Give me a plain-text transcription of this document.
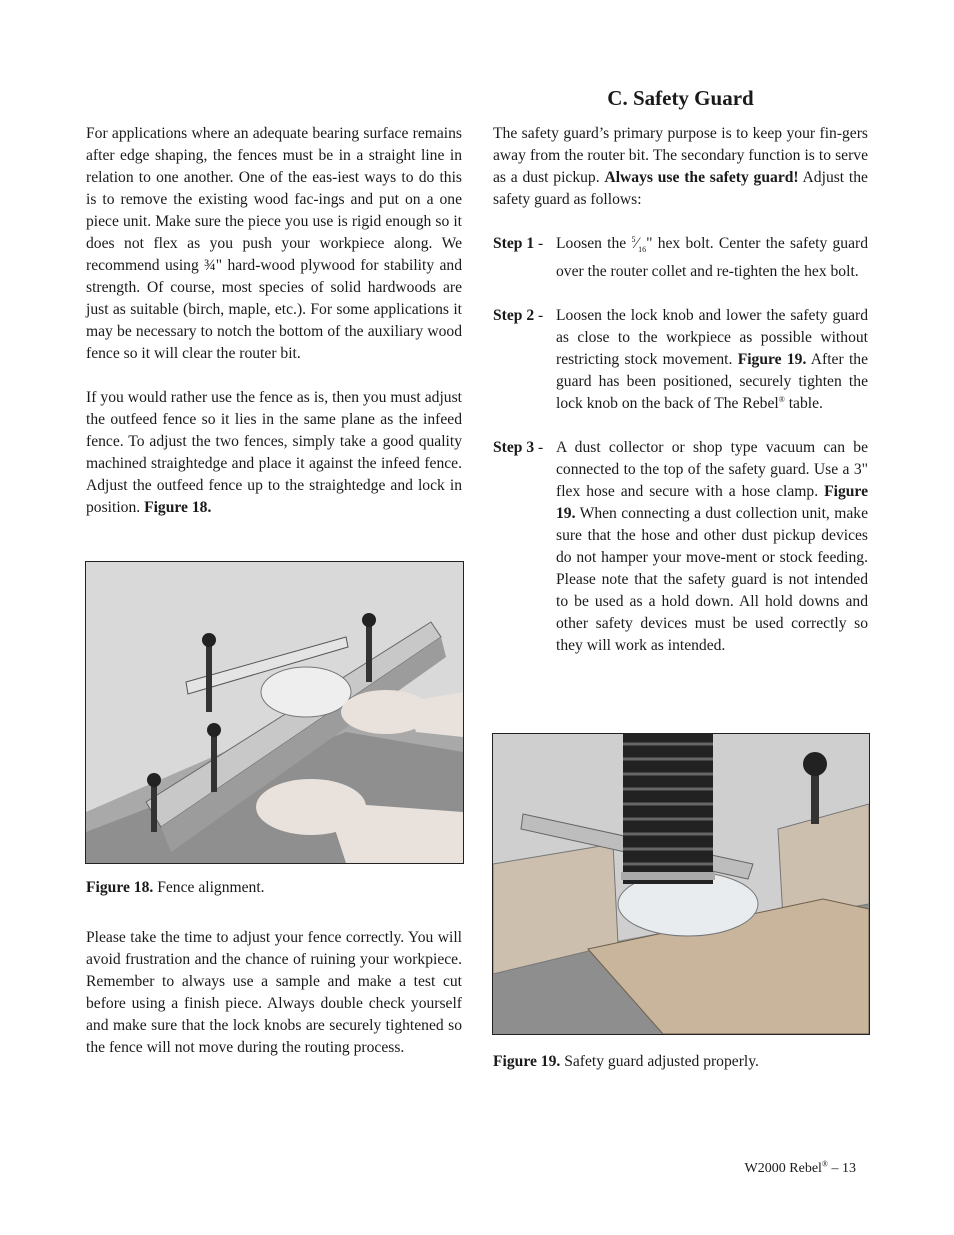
C. Safety Guard

For applications where an adequate bearing surface remains after edge shaping, the fences must be in a straight line in relation to one another. One of the eas-iest ways to do this is to remove the existing wood fac-ings and put on a one piece unit. Make sure the piece you use is rigid enough so it does not flex as you push your workpiece along. We recommend using ¾" hard-wood plywood for stability and strength. Of course, most species of solid hardwoods are just as suitable (birch, maple, etc.). For some applications it may be necessary to notch the bottom of the auxiliary wood fence so it will clear the router bit.

If you would rather use the fence as is, then you must adjust the outfeed fence so it lies in the same plane as the infeed fence. To adjust the two fences, simply take a good quality machined straightedge and place it against the infeed fence. Adjust the outfeed fence up to the straightedge and lock in position. Figure 18.

Figure 18. Fence alignment.

Please take the time to adjust your fence correctly. You will avoid frustration and the chance of ruining your workpiece. Remember to always use a sample and make a test cut before using a finish piece. Always double check yourself and make sure that the lock knobs are securely tightened so the fence will not move during the routing process.

The safety guard’s primary purpose is to keep your fin-gers away from the router bit. The secondary function is to serve as a dust pickup. Always use the safety guard! Adjust the safety guard as follows:

Step 1 - Loosen the $^5⁄_{16}$" hex bolt. Center the safety guard over the router collet and re-tighten the hex bolt.
Step 2 - Loosen the lock knob and lower the safety guard as close to the workpiece as possible without restricting stock movement. Figure 19. After the guard has been positioned, securely tighten the lock knob on the back of The Rebel® table.
Step 3 - A dust collector or shop type vacuum can be connected to the top of the safety guard. Use a 3" flex hose and secure with a hose clamp. Figure 19. When connecting a dust collection unit, make sure that the hose and other dust pickup devices do not hamper your move-ment or stock feeding. Please note that the safety guard is not intended to be used as a hold down. All hold downs and other safety devices must be used correctly so they will work as intended.
Figure 19. Safety guard adjusted properly.
W2000 Rebel® – 13
